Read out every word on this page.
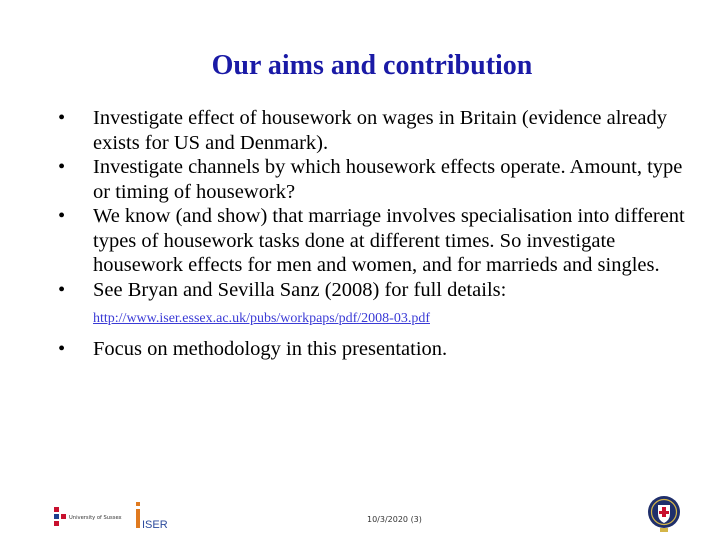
Our aims and contribution
• Investigate effect of housework on wages in Britain (evidence already exists for US and Denmark).
• Investigate channels by which housework effects operate. Amount, type or timing of housework?
• We know (and show) that marriage involves specialisation into different types of housework tasks done at different times. So investigate housework effects for men and women, and for marrieds and singles.
• See Bryan and Sevilla Sanz (2008) for full details:
http://www.iser.essex.ac.uk/pubs/workpaps/pdf/2008-03.pdf
• Focus on methodology in this presentation.
University of Sussex
ISER	10/3/2020 (3)
